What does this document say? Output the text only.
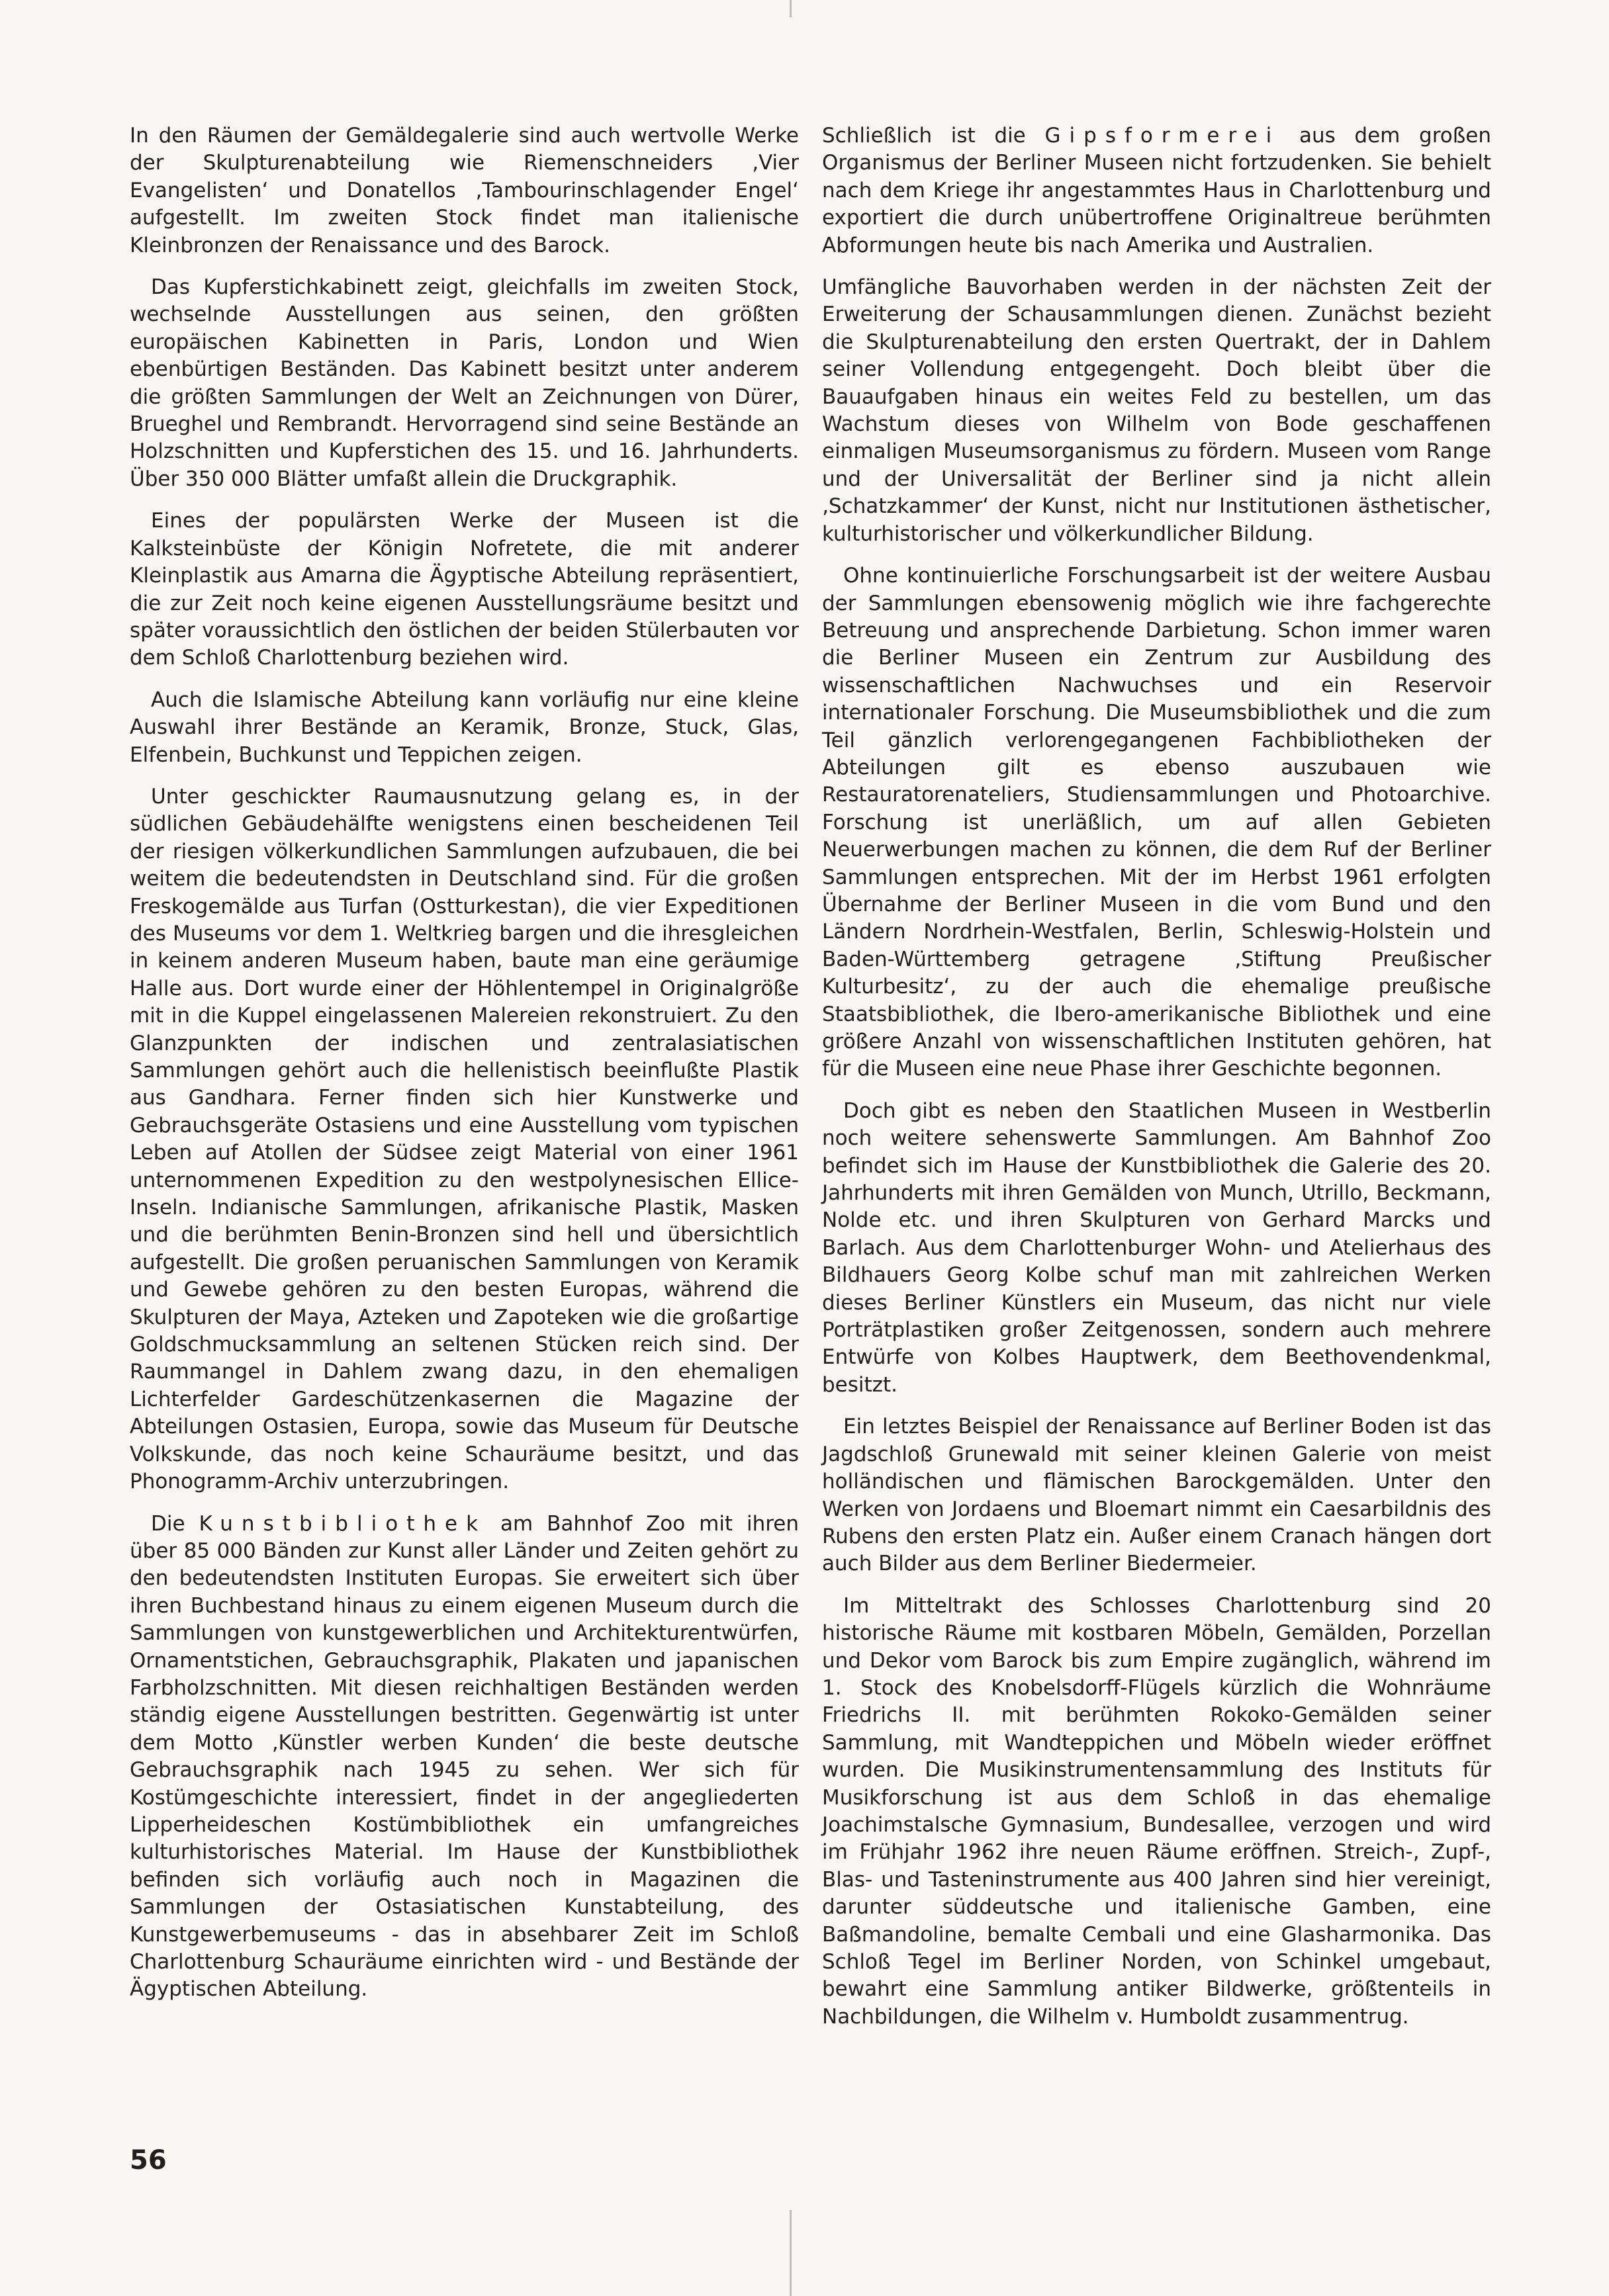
In den Räumen der Gemäldegalerie sind auch wertvolle Werke der Skulpturenabteilung wie Riemenschneiders ‚Vier Evangelisten‘ und Donatellos ‚Tambourinschlagender Engel‘ aufgestellt. Im zweiten Stock findet man italienische Kleinbronzen der Renaissance und des Barock.

Das Kupferstichkabinett zeigt, gleichfalls im zweiten Stock, wechselnde Ausstellungen aus seinen, den größten europäischen Kabinetten in Paris, London und Wien ebenbürtigen Beständen. Das Kabinett besitzt unter anderem die größten Sammlungen der Welt an Zeichnungen von Dürer, Brueghel und Rembrandt. Hervorragend sind seine Bestände an Holzschnitten und Kupferstichen des 15. und 16. Jahrhunderts. Über 350 000 Blätter umfaßt allein die Druckgraphik.

Eines der populärsten Werke der Museen ist die Kalksteinbüste der Königin Nofretete, die mit anderer Kleinplastik aus Amarna die Ägyptische Abteilung repräsentiert, die zur Zeit noch keine eigenen Ausstellungsräume besitzt und später voraussichtlich den östlichen der beiden Stülerbauten vor dem Schloß Charlottenburg beziehen wird.

Auch die Islamische Abteilung kann vorläufig nur eine kleine Auswahl ihrer Bestände an Keramik, Bronze, Stuck, Glas, Elfenbein, Buchkunst und Teppichen zeigen.

Unter geschickter Raumausnutzung gelang es, in der südlichen Gebäudehälfte wenigstens einen bescheidenen Teil der riesigen völkerkundlichen Sammlungen aufzubauen, die bei weitem die bedeutendsten in Deutschland sind. Für die großen Freskogemälde aus Turfan (Ostturkestan), die vier Expeditionen des Museums vor dem 1. Weltkrieg bargen und die ihresgleichen in keinem anderen Museum haben, baute man eine geräumige Halle aus. Dort wurde einer der Höhlentempel in Originalgröße mit in die Kuppel eingelassenen Malereien rekonstruiert. Zu den Glanzpunkten der indischen und zentralasiatischen Sammlungen gehört auch die hellenistisch beeinflußte Plastik aus Gandhara. Ferner finden sich hier Kunstwerke und Gebrauchsgeräte Ostasiens und eine Ausstellung vom typischen Leben auf Atollen der Südsee zeigt Material von einer 1961 unternommenen Expedition zu den westpolynesischen Ellice-Inseln. Indianische Sammlungen, afrikanische Plastik, Masken und die berühmten Benin-Bronzen sind hell und übersichtlich aufgestellt. Die großen peruanischen Sammlungen von Keramik und Gewebe gehören zu den besten Europas, während die Skulpturen der Maya, Azteken und Zapoteken wie die großartige Goldschmucksammlung an seltenen Stücken reich sind. Der Raummangel in Dahlem zwang dazu, in den ehemaligen Lichterfelder Gardeschützenkasernen die Magazine der Abteilungen Ostasien, Europa, sowie das Museum für Deutsche Volkskunde, das noch keine Schauräume besitzt, und das Phonogramm-Archiv unterzubringen.

Die Kunstbibliothek am Bahnhof Zoo mit ihren über 85 000 Bänden zur Kunst aller Länder und Zeiten gehört zu den bedeutendsten Instituten Europas. Sie erweitert sich über ihren Buchbestand hinaus zu einem eigenen Museum durch die Sammlungen von kunstgewerblichen und Architekturentwürfen, Ornamentstichen, Gebrauchsgraphik, Plakaten und japanischen Farbholzschnitten. Mit diesen reichhaltigen Beständen werden ständig eigene Ausstellungen bestritten. Gegenwärtig ist unter dem Motto ‚Künstler werben Kunden‘ die beste deutsche Gebrauchsgraphik nach 1945 zu sehen. Wer sich für Kostümgeschichte interessiert, findet in der angegliederten Lipperheideschen Kostümbibliothek ein umfangreiches kulturhistorisches Material. Im Hause der Kunstbibliothek befinden sich vorläufig auch noch in Magazinen die Sammlungen der Ostasiatischen Kunstabteilung, des Kunstgewerbemuseums - das in absehbarer Zeit im Schloß Charlottenburg Schauräume einrichten wird - und Bestände der Ägyptischen Abteilung.

Schließlich ist die Gipsformerei aus dem großen Organismus der Berliner Museen nicht fortzudenken. Sie behielt nach dem Kriege ihr angestammtes Haus in Charlottenburg und exportiert die durch unübertroffene Originaltreue berühmten Abformungen heute bis nach Amerika und Australien.

Umfängliche Bauvorhaben werden in der nächsten Zeit der Erweiterung der Schausammlungen dienen. Zunächst bezieht die Skulpturenabteilung den ersten Quertrakt, der in Dahlem seiner Vollendung entgegengeht. Doch bleibt über die Bauaufgaben hinaus ein weites Feld zu bestellen, um das Wachstum dieses von Wilhelm von Bode geschaffenen einmaligen Museumsorganismus zu fördern. Museen vom Range und der Universalität der Berliner sind ja nicht allein ‚Schatzkammer‘ der Kunst, nicht nur Institutionen ästhetischer, kulturhistorischer und völkerkundlicher Bildung.

Ohne kontinuierliche Forschungsarbeit ist der weitere Ausbau der Sammlungen ebensowenig möglich wie ihre fachgerechte Betreuung und ansprechende Darbietung. Schon immer waren die Berliner Museen ein Zentrum zur Ausbildung des wissenschaftlichen Nachwuchses und ein Reservoir internationaler Forschung. Die Museumsbibliothek und die zum Teil gänzlich verlorengegangenen Fachbibliotheken der Abteilungen gilt es ebenso auszubauen wie Restauratorenateliers, Studiensammlungen und Photoarchive. Forschung ist unerläßlich, um auf allen Gebieten Neuerwerbungen machen zu können, die dem Ruf der Berliner Sammlungen entsprechen. Mit der im Herbst 1961 erfolgten Übernahme der Berliner Museen in die vom Bund und den Ländern Nordrhein-Westfalen, Berlin, Schleswig-Holstein und Baden-Württemberg getragene ‚Stiftung Preußischer Kulturbesitz‘, zu der auch die ehemalige preußische Staatsbibliothek, die Ibero-amerikanische Bibliothek und eine größere Anzahl von wissenschaftlichen Instituten gehören, hat für die Museen eine neue Phase ihrer Geschichte begonnen.

Doch gibt es neben den Staatlichen Museen in Westberlin noch weitere sehenswerte Sammlungen. Am Bahnhof Zoo befindet sich im Hause der Kunstbibliothek die Galerie des 20. Jahrhunderts mit ihren Gemälden von Munch, Utrillo, Beckmann, Nolde etc. und ihren Skulpturen von Gerhard Marcks und Barlach. Aus dem Charlottenburger Wohn- und Atelierhaus des Bildhauers Georg Kolbe schuf man mit zahlreichen Werken dieses Berliner Künstlers ein Museum, das nicht nur viele Porträtplastiken großer Zeitgenossen, sondern auch mehrere Entwürfe von Kolbes Hauptwerk, dem Beethovendenkmal, besitzt.

Ein letztes Beispiel der Renaissance auf Berliner Boden ist das Jagdschloß Grunewald mit seiner kleinen Galerie von meist holländischen und flämischen Barockgemälden. Unter den Werken von Jordaens und Bloemart nimmt ein Caesarbildnis des Rubens den ersten Platz ein. Außer einem Cranach hängen dort auch Bilder aus dem Berliner Biedermeier.

Im Mitteltrakt des Schlosses Charlottenburg sind 20 historische Räume mit kostbaren Möbeln, Gemälden, Porzellan und Dekor vom Barock bis zum Empire zugänglich, während im 1. Stock des Knobelsdorff-Flügels kürzlich die Wohnräume Friedrichs II. mit berühmten Rokoko-Gemälden seiner Sammlung, mit Wandteppichen und Möbeln wieder eröffnet wurden. Die Musikinstrumentensammlung des Instituts für Musikforschung ist aus dem Schloß in das ehemalige Joachimstalsche Gymnasium, Bundesallee, verzogen und wird im Frühjahr 1962 ihre neuen Räume eröffnen. Streich-, Zupf-, Blas- und Tasteninstrumente aus 400 Jahren sind hier vereinigt, darunter süddeutsche und italienische Gamben, eine Baßmandoline, bemalte Cembali und eine Glasharmonika. Das Schloß Tegel im Berliner Norden, von Schinkel umgebaut, bewahrt eine Sammlung antiker Bildwerke, größtenteils in Nachbildungen, die Wilhelm v. Humboldt zusammentrug.

56
